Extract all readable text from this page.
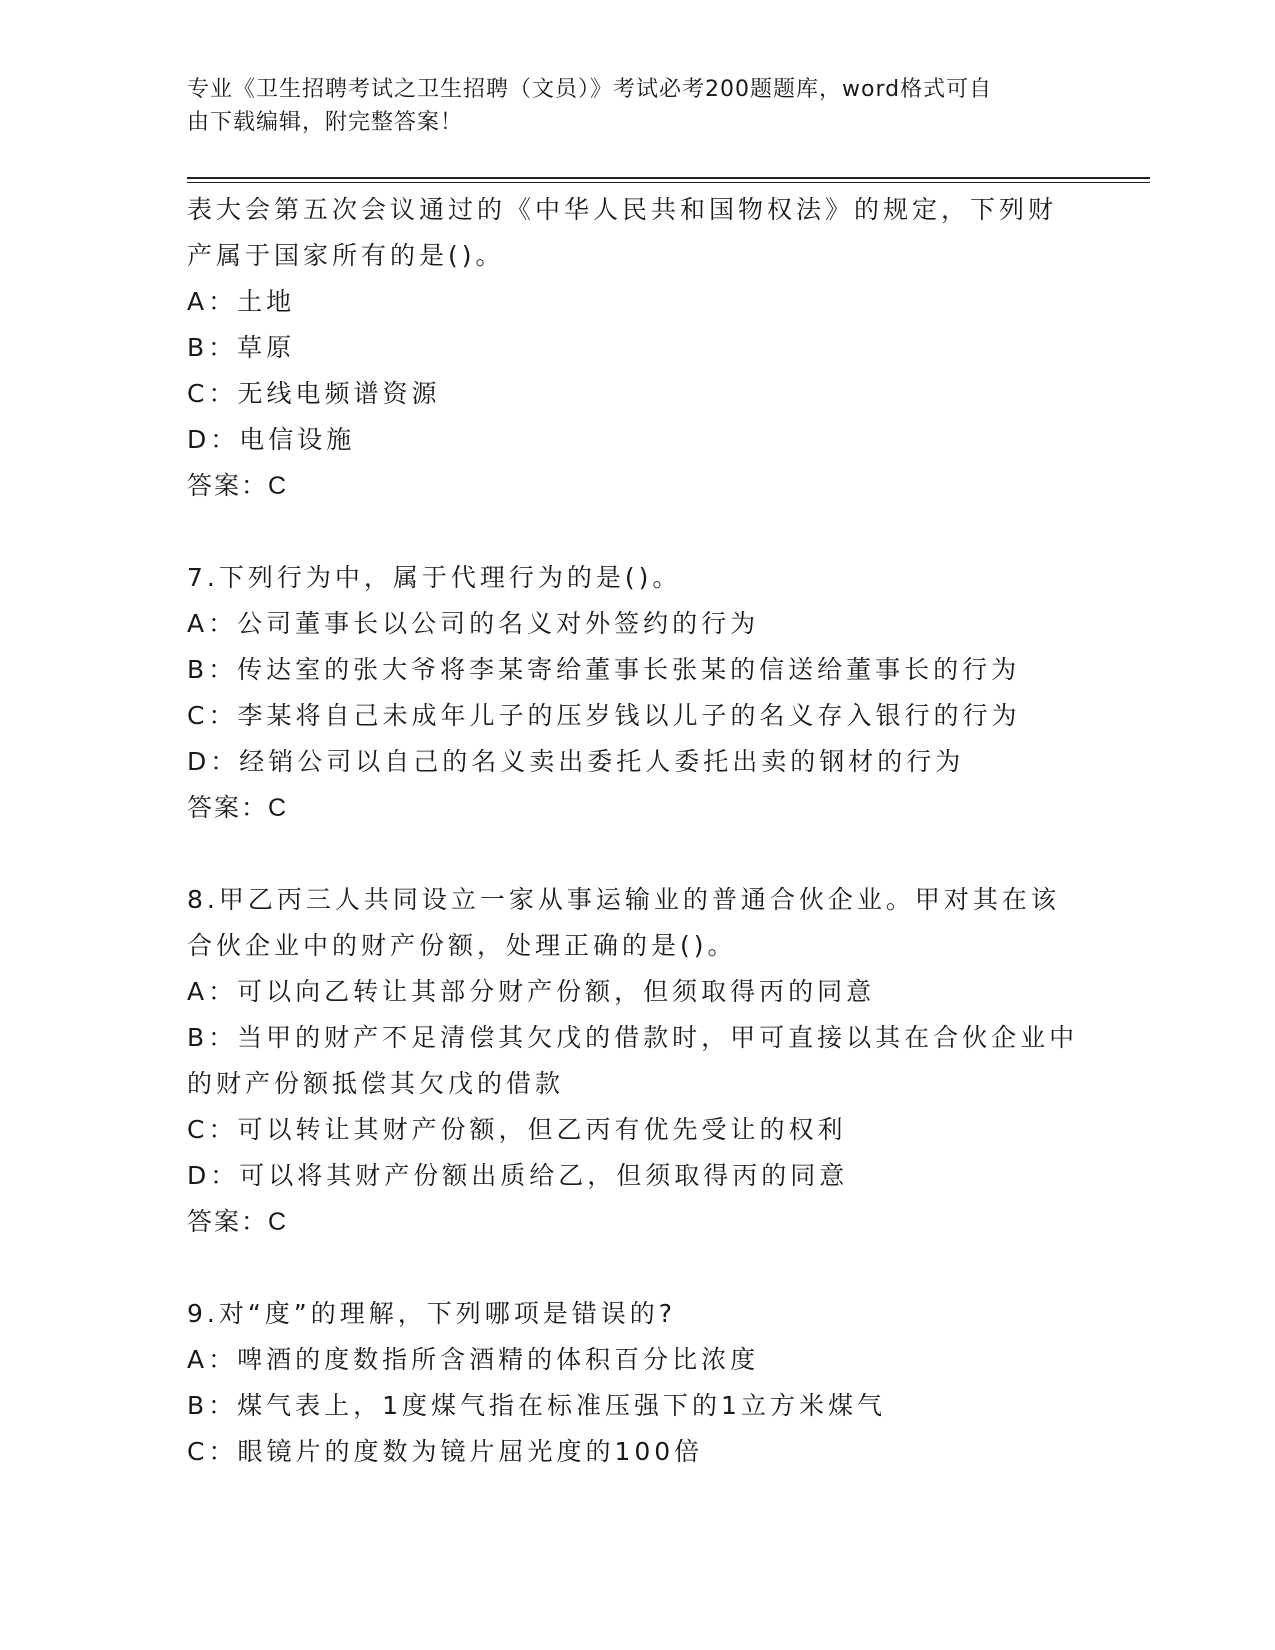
专业《卫生招聘考试之卫生招聘（文员）》考试必考200题题库，word格式可自
由下载编辑，附完整答案！
表大会第五次会议通过的《中华人民共和国物权法》的规定，下列财
产属于国家所有的是()。
A：土地
B：草原
C：无线电频谱资源
D：电信设施
答案：C
7.下列行为中，属于代理行为的是()。
A：公司董事长以公司的名义对外签约的行为
B：传达室的张大爷将李某寄给董事长张某的信送给董事长的行为
C：李某将自己未成年儿子的压岁钱以儿子的名义存入银行的行为
D：经销公司以自己的名义卖出委托人委托出卖的钢材的行为
答案：C
8.甲乙丙三人共同设立一家从事运输业的普通合伙企业。甲对其在该
合伙企业中的财产份额，处理正确的是()。
A：可以向乙转让其部分财产份额，但须取得丙的同意
B：当甲的财产不足清偿其欠戊的借款时，甲可直接以其在合伙企业中
的财产份额抵偿其欠戊的借款
C：可以转让其财产份额，但乙丙有优先受让的权利
D：可以将其财产份额出质给乙，但须取得丙的同意
答案：C
9.对“度”的理解，下列哪项是错误的?
A：啤酒的度数指所含酒精的体积百分比浓度
B：煤气表上，1度煤气指在标准压强下的1立方米煤气
C：眼镜片的度数为镜片屈光度的100倍
